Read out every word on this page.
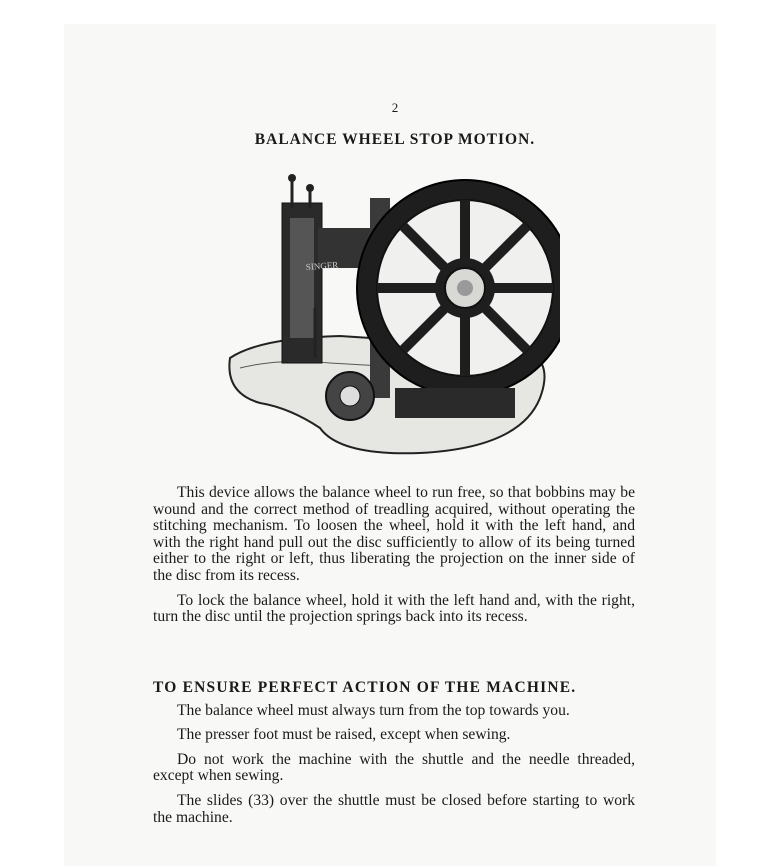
2
BALANCE WHEEL STOP MOTION.
SINGER

This device allows the balance wheel to run free, so that bobbins may be wound and the correct method of treadling acquired, without operating the stitching mechanism. To loosen the wheel, hold it with the left hand, and with the right hand pull out the disc sufficiently to allow of its being turned either to the right or left, thus liberating the projection on the inner side of the disc from its recess.

To lock the balance wheel, hold it with the left hand and, with the right, turn the disc until the projection springs back into its recess.

TO ENSURE PERFECT ACTION OF THE MACHINE.

The balance wheel must always turn from the top towards you.

The presser foot must be raised, except when sewing.

Do not work the machine with the shuttle and the needle threaded, except when sewing.

The slides (33) over the shuttle must be closed before starting to work the machine.
